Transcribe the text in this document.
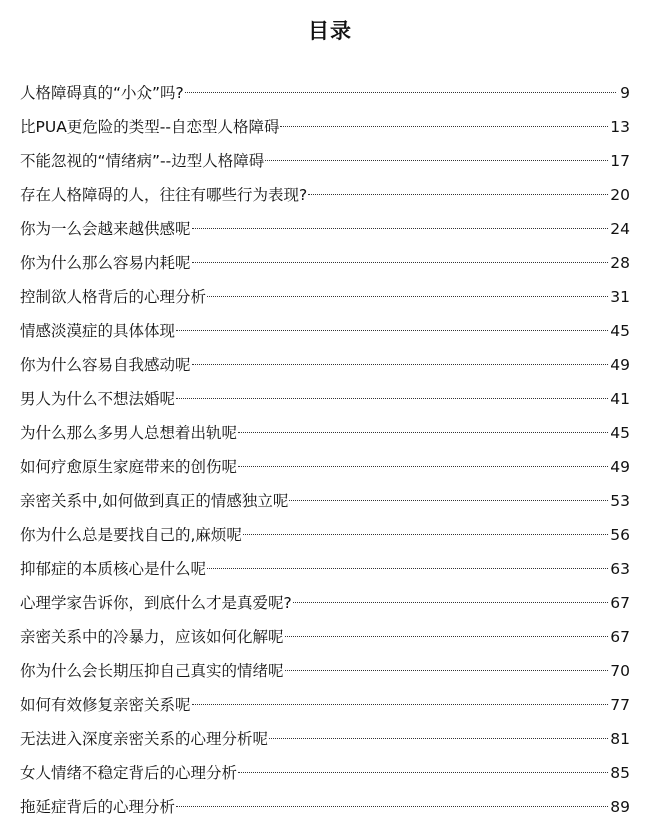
目录
人格障碍真的“小众”吗?	9
比PUA更危险的类型--自恋型人格障碍	13
不能忽视的“情绪病”--边型人格障碍	17
存在人格障碍的人，往往有哪些行为表现?	20
你为一么会越来越供感呢	24
你为什么那么容易内耗呢	28
控制欲人格背后的心理分析	31
情感淡漠症的具体体现	45
你为什么容易自我感动呢	49
男人为什么不想法婚呢	41
为什么那么多男人总想着出轨呢	45
如何疗愈原生家庭带来的创伤呢	49
亲密关系中,如何做到真正的情感独立呢	53
你为什么总是要找自己的,麻烦呢	56
抑郁症的本质核心是什么呢	63
心理学家告诉你，到底什么才是真爱呢?	67
亲密关系中的冷暴力，应该如何化解呢	67
你为什么会长期压抑自己真实的情绪呢	70
如何有效修复亲密关系呢	77
无法进入深度亲密关系的心理分析呢	81
女人情绪不稳定背后的心理分析	85
拖延症背后的心理分析	89
